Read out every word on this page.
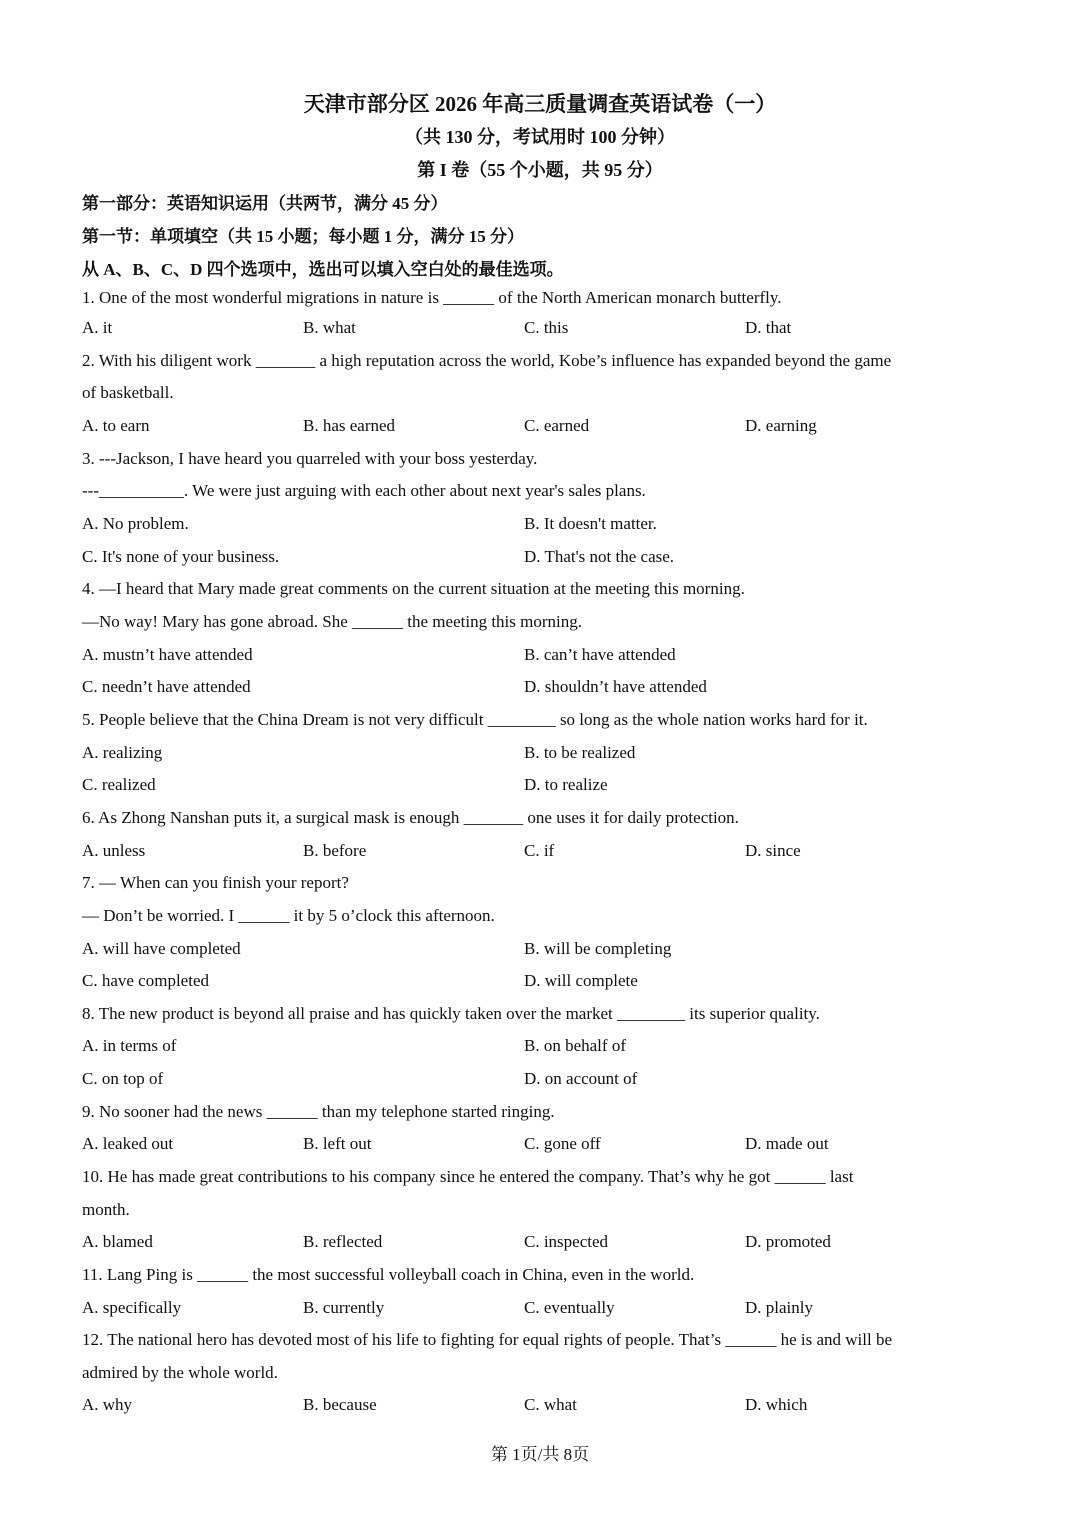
天津市部分区 2026 年高三质量调查英语试卷（一）
（共 130 分，考试用时 100 分钟）
第 I 卷（55 个小题，共 95 分）
第一部分：英语知识运用（共两节，满分 45 分）
第一节：单项填空（共 15 小题；每小题 1 分，满分 15 分）
从 A、B、C、D 四个选项中，选出可以填入空白处的最佳选项。
1. One of the most wonderful migrations in nature is ______ of the North American monarch butterfly.
A. it	B. what	C. this	D. that
2. With his diligent work _______ a high reputation across the world, Kobe’s influence has expanded beyond the game
of basketball.
A. to earn	B. has earned	C. earned	D. earning
3. ---Jackson, I have heard you quarreled with your boss yesterday.
---__________. We were just arguing with each other about next year's sales plans.
A. No problem.	B. It doesn't matter.
C. It's none of your business.	D. That's not the case.
4. —I heard that Mary made great comments on the current situation at the meeting this morning.
—No way! Mary has gone abroad. She ______ the meeting this morning.
A. mustn’t have attended	B. can’t have attended
C. needn’t have attended	D. shouldn’t have attended
5. People believe that the China Dream is not very difficult ________ so long as the whole nation works hard for it.
A. realizing	B. to be realized
C. realized	D. to realize
6. As Zhong Nanshan puts it, a surgical mask is enough _______ one uses it for daily protection.
A. unless	B. before	C. if	D. since
7. — When can you finish your report?
— Don’t be worried. I ______ it by 5 o’clock this afternoon.
A. will have completed	B. will be completing
C. have completed	D. will complete
8. The new product is beyond all praise and has quickly taken over the market ________ its superior quality.
A. in terms of	B. on behalf of
C. on top of	D. on account of
9. No sooner had the news ______ than my telephone started ringing.
A. leaked out	B. left out	C. gone off	D. made out
10. He has made great contributions to his company since he entered the company. That’s why he got ______ last
month.
A. blamed	B. reflected	C. inspected	D. promoted
11. Lang Ping is ______ the most successful volleyball coach in China, even in the world.
A. specifically	B. currently	C. eventually	D. plainly
12. The national hero has devoted most of his life to fighting for equal rights of people. That’s ______ he is and will be
admired by the whole world.
A. why	B. because	C. what	D. which
第 1页/共 8页
